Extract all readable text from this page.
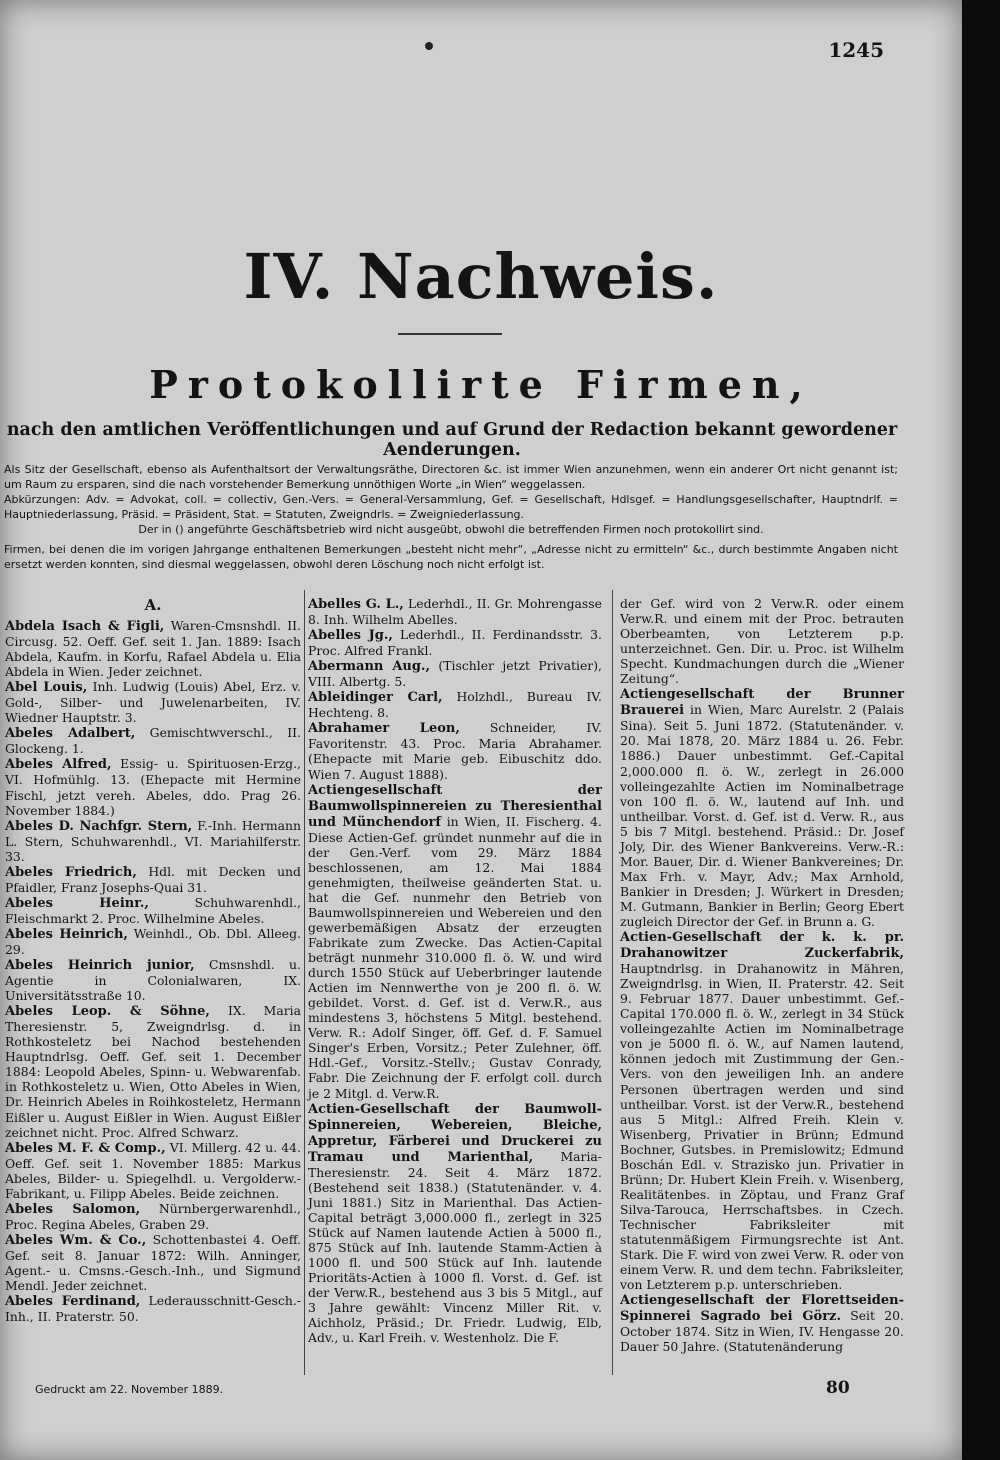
1245
IV. Nachweis.
Protokollirte Firmen,
nach den amtlichen Veröffentlichungen und auf Grund der Redaction bekannt gewordener Aenderungen.
Als Sitz der Gesellschaft, ebenso als Aufenthaltsort der Verwaltungsräthe, Directoren &c. ist immer Wien anzunehmen, wenn ein anderer Ort nicht genannt ist; um Raum zu ersparen, sind die nach vorstehender Bemerkung unnöthigen Worte „in Wien“ weggelassen.
Abkürzungen: Adv. = Advokat, coll. = collectiv, Gen.-Vers. = General-Versammlung, Gef. = Gesellschaft, Hdlsgef. = Handlungsgesellschafter, Hauptndrlf. = Hauptniederlassung, Präsid. = Präsident, Stat. = Statuten, Zweigndrls. = Zweigniederlassung.
Der in () angeführte Geschäftsbetrieb wird nicht ausgeübt, obwohl die betreffenden Firmen noch protokollirt sind.
Firmen, bei denen die im vorigen Jahrgange enthaltenen Bemerkungen „besteht nicht mehr“, „Adresse nicht zu ermitteln“ &c., durch bestimmte Angaben nicht ersetzt werden konnten, sind diesmal weggelassen, obwohl deren Löschung noch nicht erfolgt ist.
A.

Abdela Isach & Figli, Waren-Cmsnshdl. II. Circusg. 52. Oeff. Gef. seit 1. Jan. 1889: Isach Abdela, Kaufm. in Korfu, Rafael Abdela u. Elia Abdela in Wien. Jeder zeichnet.

Abel Louis, Inh. Ludwig (Louis) Abel, Erz. v. Gold-, Silber- und Juwelenarbeiten, IV. Wiedner Hauptstr. 3.

Abeles Adalbert, Gemischtwverschl., II. Glockeng. 1.

Abeles Alfred, Essig- u. Spirituosen-Erzg., VI. Hofmühlg. 13. (Ehepacte mit Hermine Fischl, jetzt vereh. Abeles, ddo. Prag 26. November 1884.)

Abeles D. Nachfgr. Stern, F.-Inh. Hermann L. Stern, Schuhwarenhdl., VI. Mariahilferstr. 33.

Abeles Friedrich, Hdl. mit Decken und Pfaidler, Franz Josephs-Quai 31.

Abeles Heinr.,	Schuhwarenhdl., Fleischmarkt 2. Proc. Wilhelmine Abeles.

Abeles Heinrich, Weinhdl., Ob. Dbl. Alleeg. 29.

Abeles Heinrich junior, Cmsnshdl. u. Agentie in Colonialwaren, IX. Universitätsstraße 10.

Abeles Leop. & Söhne, IX. Maria Theresienstr. 5, Zweigndrlsg. d. in Rothkosteletz bei Nachod bestehenden Hauptndrlsg. Oeff. Gef. seit 1. December 1884: Leopold Abeles, Spinn- u. Webwarenfab. in Rothkosteletz u. Wien, Otto Abeles in Wien, Dr. Heinrich Abeles in Roihkosteletz, Hermann Eißler u. August Eißler in Wien. August Eißler zeichnet nicht. Proc. Alfred Schwarz.

Abeles M. F. & Comp., VI. Millerg. 42 u. 44. Oeff. Gef. seit 1. November 1885: Markus Abeles, Bilder- u. Spiegelhdl. u. Vergolderw.-Fabrikant, u. Filipp Abeles. Beide zeichnen.

Abeles Salomon, Nürnbergerwarenhdl., Proc. Regina Abeles, Graben 29.

Abeles Wm. & Co., Schottenbastei 4. Oeff. Gef. seit 8. Januar 1872: Wilh. Anninger, Agent.- u. Cmsns.-Gesch.-Inh., und Sigmund Mendl. Jeder zeichnet.

Abeles Ferdinand, Lederausschnitt-Gesch.-Inh., II. Praterstr. 50.

Abelles G. L., Lederhdl., II. Gr. Mohrengasse 8. Inh. Wilhelm Abelles.

Abelles Jg., Lederhdl., II. Ferdinandsstr. 3. Proc. Alfred Frankl.

Abermann Aug., (Tischler jetzt Privatier), VIII. Albertg. 5.

Ableidinger Carl, Holzhdl., Bureau IV. Hechteng. 8.

Abrahamer Leon, Schneider, IV. Favoritenstr. 43. Proc. Maria Abrahamer. (Ehepacte mit Marie geb. Eibuschitz ddo. Wien 7. August 1888).

Actiengesellschaft der Baumwollspinnereien zu Theresienthal und Münchendorf in Wien, II. Fischerg. 4. Diese Actien-Gef. gründet nunmehr auf die in der Gen.-Verf. vom 29. März 1884 beschlossenen, am 12. Mai 1884 genehmigten, theilweise geänderten Stat. u. hat die Gef. nunmehr den Betrieb von Baumwollspinnereien und Webereien und den gewerbemäßigen Absatz der erzeugten Fabrikate zum Zwecke. Das Actien-Capital beträgt nunmehr 310.000 fl. ö. W. und wird durch 1550 Stück auf Ueberbringer lautende Actien im Nennwerthe von je 200 fl. ö. W. gebildet. Vorst. d. Gef. ist d. Verw.R., aus mindestens 3, höchstens 5 Mitgl. bestehend. Verw. R.: Adolf Singer, öff. Gef. d. F. Samuel Singer's Erben, Vorsitz.; Peter Zulehner, öff. Hdl.-Gef., Vorsitz.-Stellv.; Gustav Conrady, Fabr. Die Zeichnung der F. erfolgt coll. durch je 2 Mitgl. d. Verw.R.

Actien-Gesellschaft der Baumwoll-Spinnereien, Webereien, Bleiche, Appretur, Färberei und Druckerei zu Tramau und Marienthal, Maria-Theresienstr. 24. Seit 4. März 1872. (Bestehend seit 1838.) (Statutenänder. v. 4. Juni 1881.) Sitz in Marienthal. Das Actien-Capital beträgt 3,000.000 fl., zerlegt in 325 Stück auf Namen lautende Actien à 5000 fl., 875 Stück auf Inh. lautende Stamm-Actien à 1000 fl. und 500 Stück auf Inh. lautende Prioritäts-Actien à 1000 fl. Vorst. d. Gef. ist der Verw.R., bestehend aus 3 bis 5 Mitgl., auf 3 Jahre gewählt: Vincenz Miller Rit. v. Aichholz, Präsid.; Dr. Friedr. Ludwig, Elb, Adv., u. Karl Freih. v. Westenholz. Die F.

der Gef. wird von 2 Verw.R. oder einem Verw.R. und einem mit der Proc. betrauten Oberbeamten, von Letzterem p.p. unterzeichnet. Gen. Dir. u. Proc. ist Wilhelm Specht. Kundmachungen durch die „Wiener Zeitung“.

Actiengesellschaft der Brunner Brauerei in Wien, Marc Aurelstr. 2 (Palais Sina). Seit 5. Juni 1872. (Statutenänder. v. 20. Mai 1878, 20. März 1884 u. 26. Febr. 1886.) Dauer unbestimmt. Gef.-Capital 2,000.000 fl. ö. W., zerlegt in 26.000 volleingezahlte Actien im Nominalbetrage von 100 fl. ö. W., lautend auf Inh. und untheilbar. Vorst. d. Gef. ist d. Verw. R., aus 5 bis 7 Mitgl. bestehend. Präsid.: Dr. Josef Joly, Dir. des Wiener Bankvereins. Verw.-R.: Mor. Bauer, Dir. d. Wiener Bankvereines; Dr. Max Frh. v. Mayr, Adv.; Max Arnhold, Bankier in Dresden; J. Würkert in Dresden; M. Gutmann, Bankier in Berlin; Georg Ebert zugleich Director der Gef. in Brunn a. G.

Actien-Gesellschaft der k. k. pr. Drahanowitzer Zuckerfabrik, Hauptndrlsg. in Drahanowitz in Mähren, Zweigndrlsg. in Wien, II. Praterstr. 42. Seit 9. Februar 1877. Dauer unbestimmt. Gef.-Capital 170.000 fl. ö. W., zerlegt in 34 Stück volleingezahlte Actien im Nominalbetrage von je 5000 fl. ö. W., auf Namen lautend, können jedoch mit Zustimmung der Gen.-Vers. von den jeweiligen Inh. an andere Personen übertragen werden und sind untheilbar. Vorst. ist der Verw.R., bestehend aus 5 Mitgl.: Alfred Freih. Klein v. Wisenberg, Privatier in Brünn; Edmund Bochner, Gutsbes. in Premislowitz; Edmund Boschán Edl. v. Strazisko jun. Privatier in Brünn; Dr. Hubert Klein Freih. v. Wisenberg, Realitätenbes. in Zöptau, und Franz Graf Silva-Tarouca, Herrschaftsbes. in Czech. Technischer Fabriksleiter mit statutenmäßigem Firmungsrechte ist Ant. Stark. Die F. wird von zwei Verw. R. oder von einem Verw. R. und dem techn. Fabriksleiter, von Letzterem p.p. unterschrieben.

Actiengesellschaft der Florettseiden-Spinnerei Sagrado bei Görz. Seit 20. October 1874. Sitz in Wien, IV. Hengasse 20. Dauer 50 Jahre. (Statutenänderung

Gedruckt am 22. November 1889.	80
